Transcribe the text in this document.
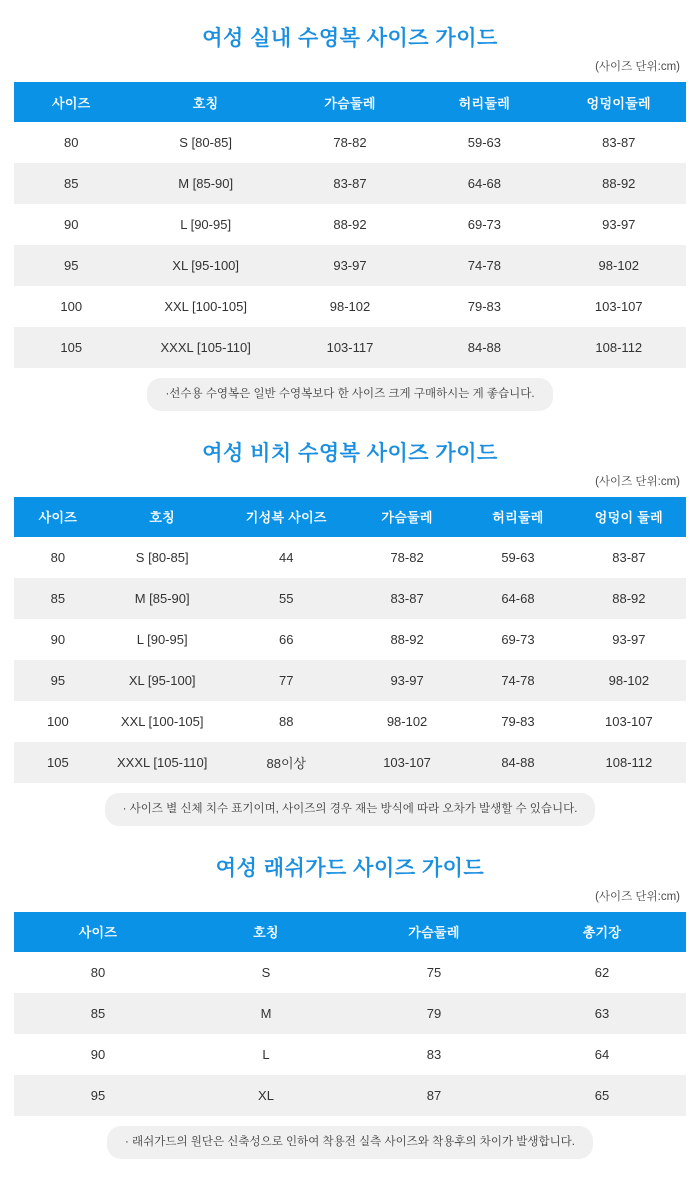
여성 실내 수영복 사이즈 가이드
(사이즈 단위:cm)
사이즈	호칭	가슴둘레	허리둘레	엉덩이둘레
80	S [80-85]	78-82	59-63	83-87
85	M [85-90]	83-87	64-68	88-92
90	L [90-95]	88-92	69-73	93-97
95	XL [95-100]	93-97	74-78	98-102
100	XXL [100-105]	98-102	79-83	103-107
105	XXXL [105-110]	103-117	84-88	108-112
·선수용 수영복은 일반 수영복보다 한 사이즈 크게 구매하시는 게 좋습니다.
여성 비치 수영복 사이즈 가이드
(사이즈 단위:cm)
사이즈	호칭	기성복 사이즈	가슴둘레	허리둘레	엉덩이 둘레
80	S [80-85]	44	78-82	59-63	83-87
85	M [85-90]	55	83-87	64-68	88-92
90	L [90-95]	66	88-92	69-73	93-97
95	XL [95-100]	77	93-97	74-78	98-102
100	XXL [100-105]	88	98-102	79-83	103-107
105	XXXL [105-110]	88이상	103-107	84-88	108-112
· 사이즈 별 신체 치수 표기이며, 사이즈의 경우 재는 방식에 따라 오차가 발생할 수 있습니다.
여성 래쉬가드 사이즈 가이드
(사이즈 단위:cm)
사이즈	호칭	가슴둘레	총기장
80	S	75	62
85	M	79	63
90	L	83	64
95	XL	87	65
· 래쉬가드의 원단은 신축성으로 인하여 착용전 실측 사이즈와 착용후의 차이가 발생합니다.
